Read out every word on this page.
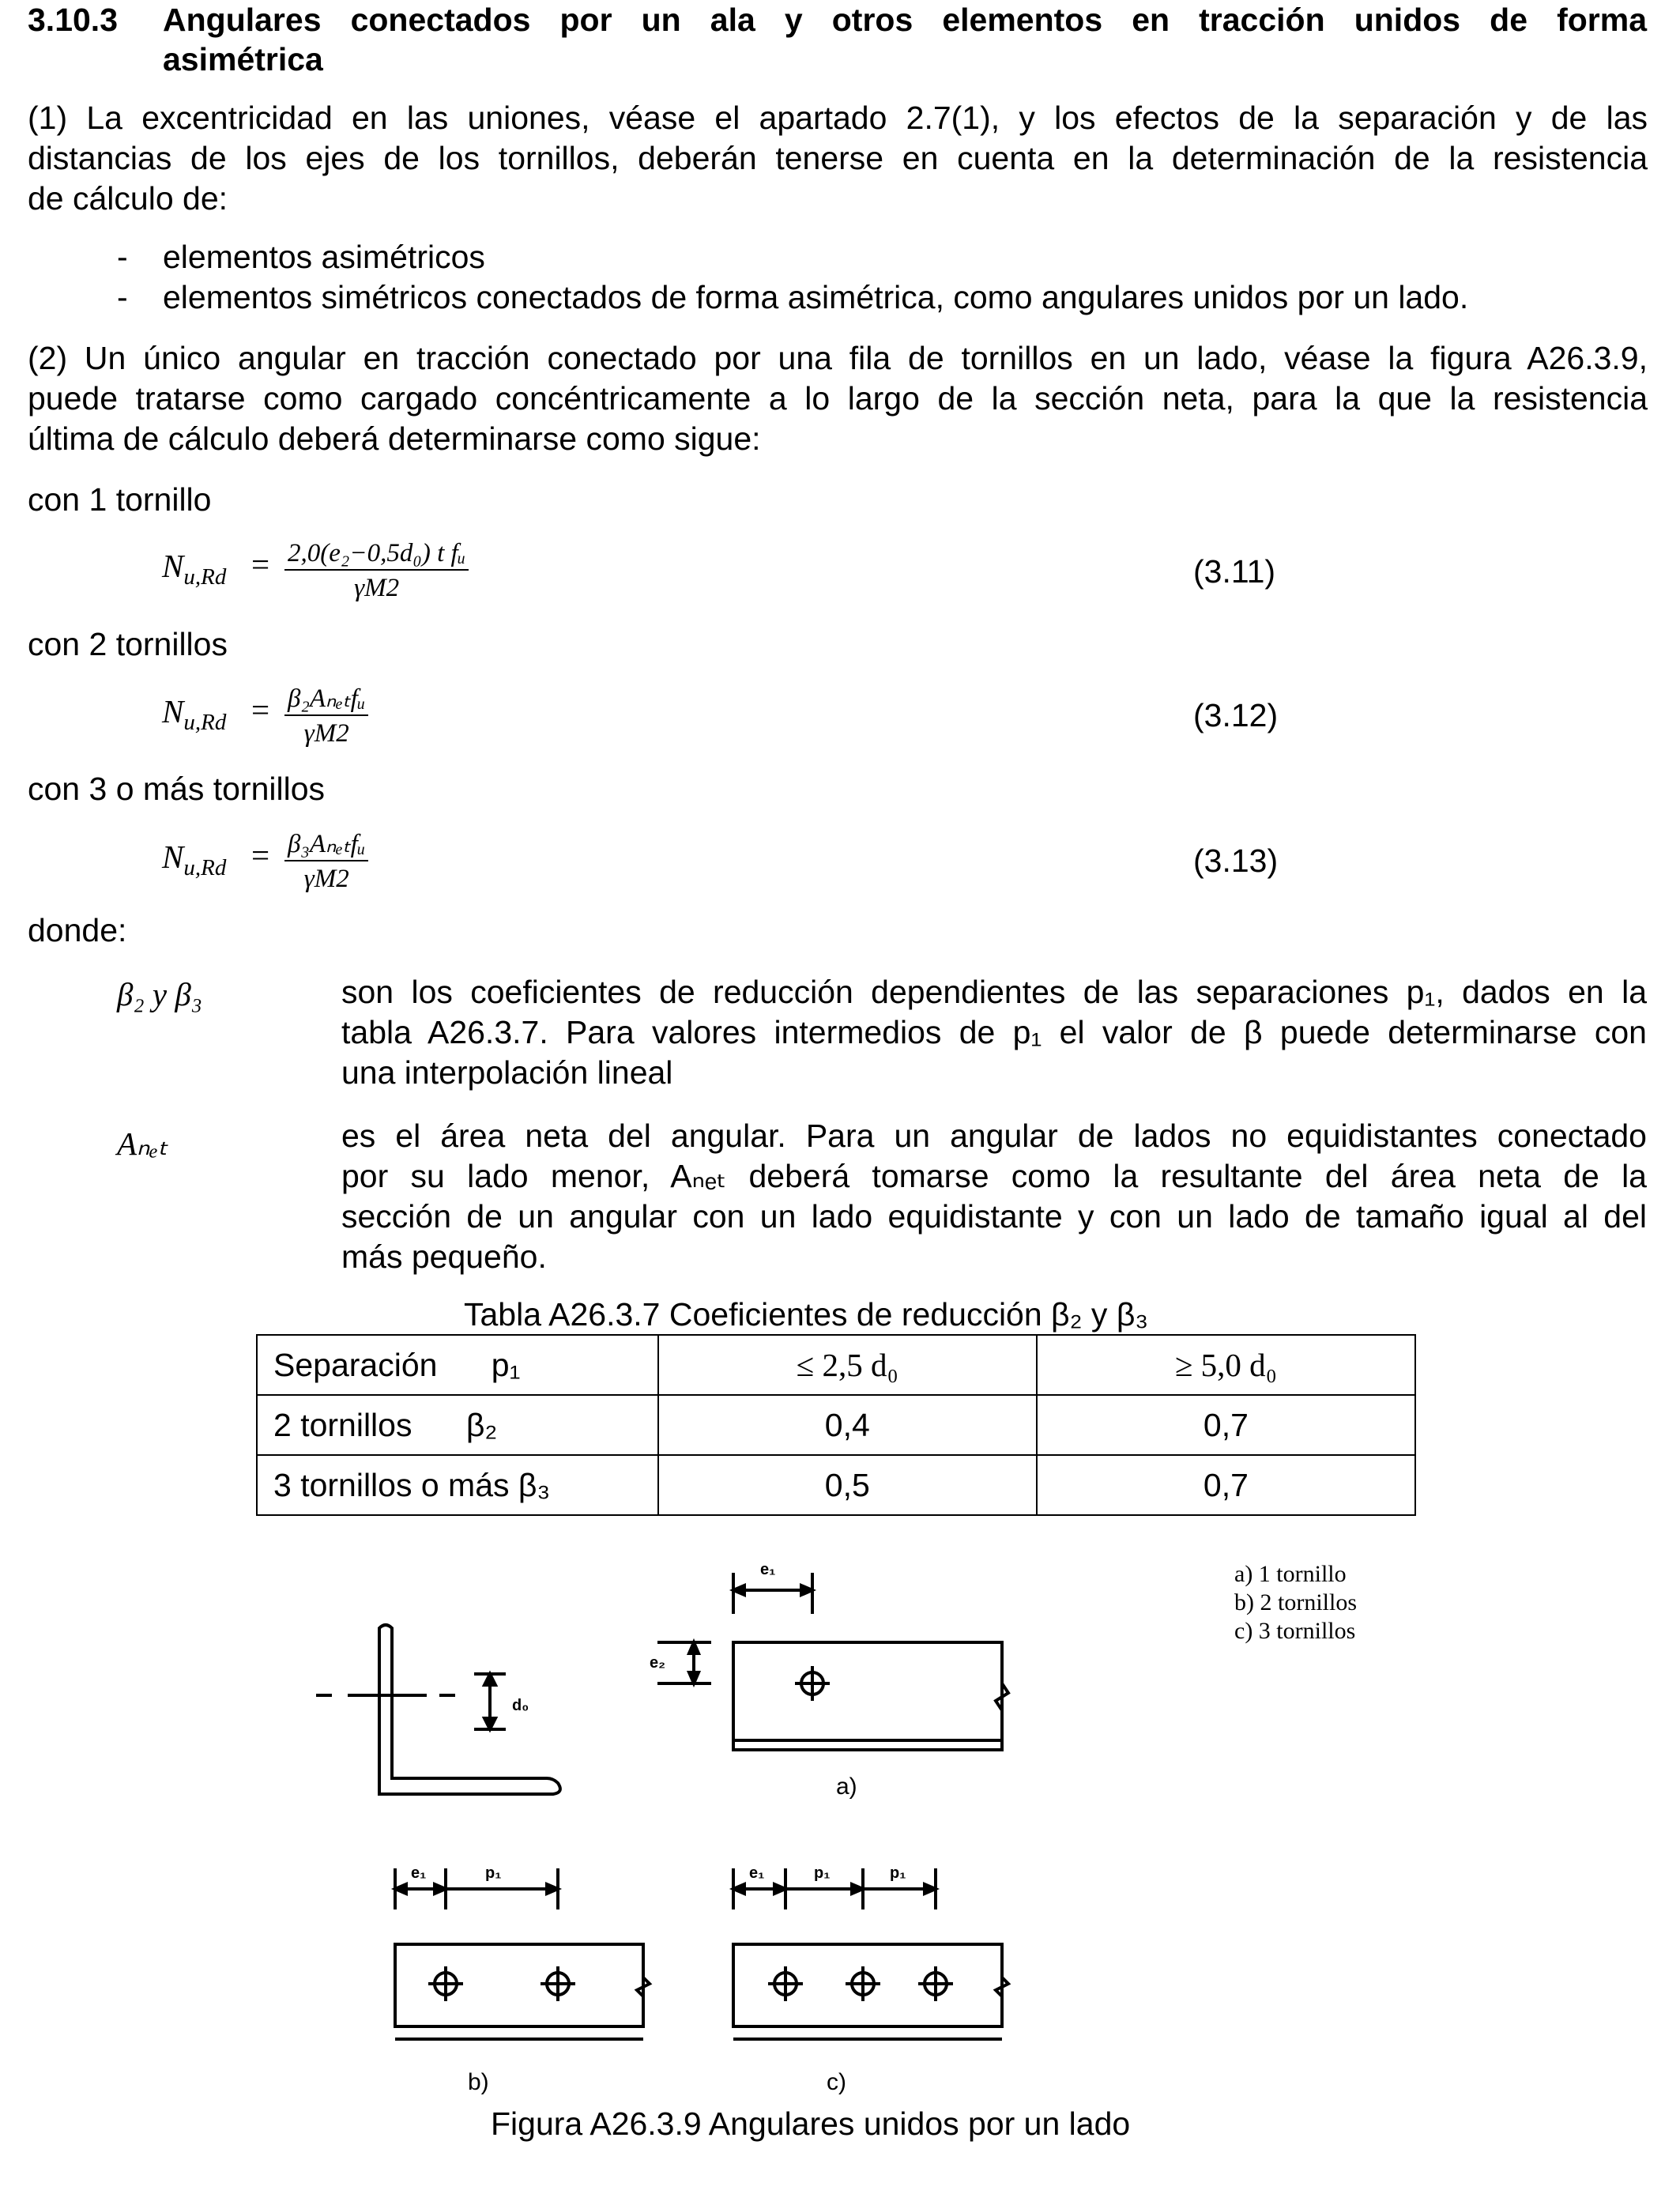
3.10.3 Angulares conectados por un ala y otros elementos en tracción unidos de forma
asimétrica
(1) La excentricidad en las uniones, véase el apartado 2.7(1), y los efectos de la separación y de las
distancias de los ejes de los tornillos, deberán tenerse en cuenta en la determinación de la resistencia
de cálculo de:
- elementos asimétricos
- elementos simétricos conectados de forma asimétrica, como angulares unidos por un lado.
(2) Un único angular en tracción conectado por una fila de tornillos en un lado, véase la figura A26.3.9,
puede tratarse como cargado concéntricamente a lo largo de la sección neta, para la que la resistencia
última de cálculo deberá determinarse como sigue:
con 1 tornillo
$N_{u,Rd} = 2,0(e_2-0,5d_0)$ t fᵤ
γM2	(3.11)
con 2 tornillos
$N_{u,Rd}$ = β₂Aₙₑₜfᵤ
γM2	(3.12)
con 3 o más tornillos
$N_{u,Rd}$ = β₃Aₙₑₜfᵤ
γM2	(3.13)
donde:
β₂ y β₃	son los coeficientes de reducción dependientes de las separaciones p₁, dados en la
tabla A26.3.7. Para valores intermedios de p₁ el valor de β puede determinarse con
una interpolación lineal
Aₙₑₜ	es el área neta del angular. Para un angular de lados no equidistantes conectado
por su lado menor, Aₙₑₜ deberá tomarse como la resultante del área neta de la
sección de un angular con un lado equidistante y con un lado de tamaño igual al del
más pequeño.
Tabla A26.3.7 Coeficientes de reducción β₂ y β₃
Separación      p₁	≤ 2,5 d₀	≥ 5,0 d₀
2 tornillos      β₂	0,4	0,7
3 tornillos o más β₃	0,5	0,7
d₀
e₁
e₂
e₁	p₁	e₁	p₁	p₁
a)
b)	c)
a) 1 tornillo
b) 2 tornillos
c) 3 tornillos
Figura A26.3.9 Angulares unidos por un lado
